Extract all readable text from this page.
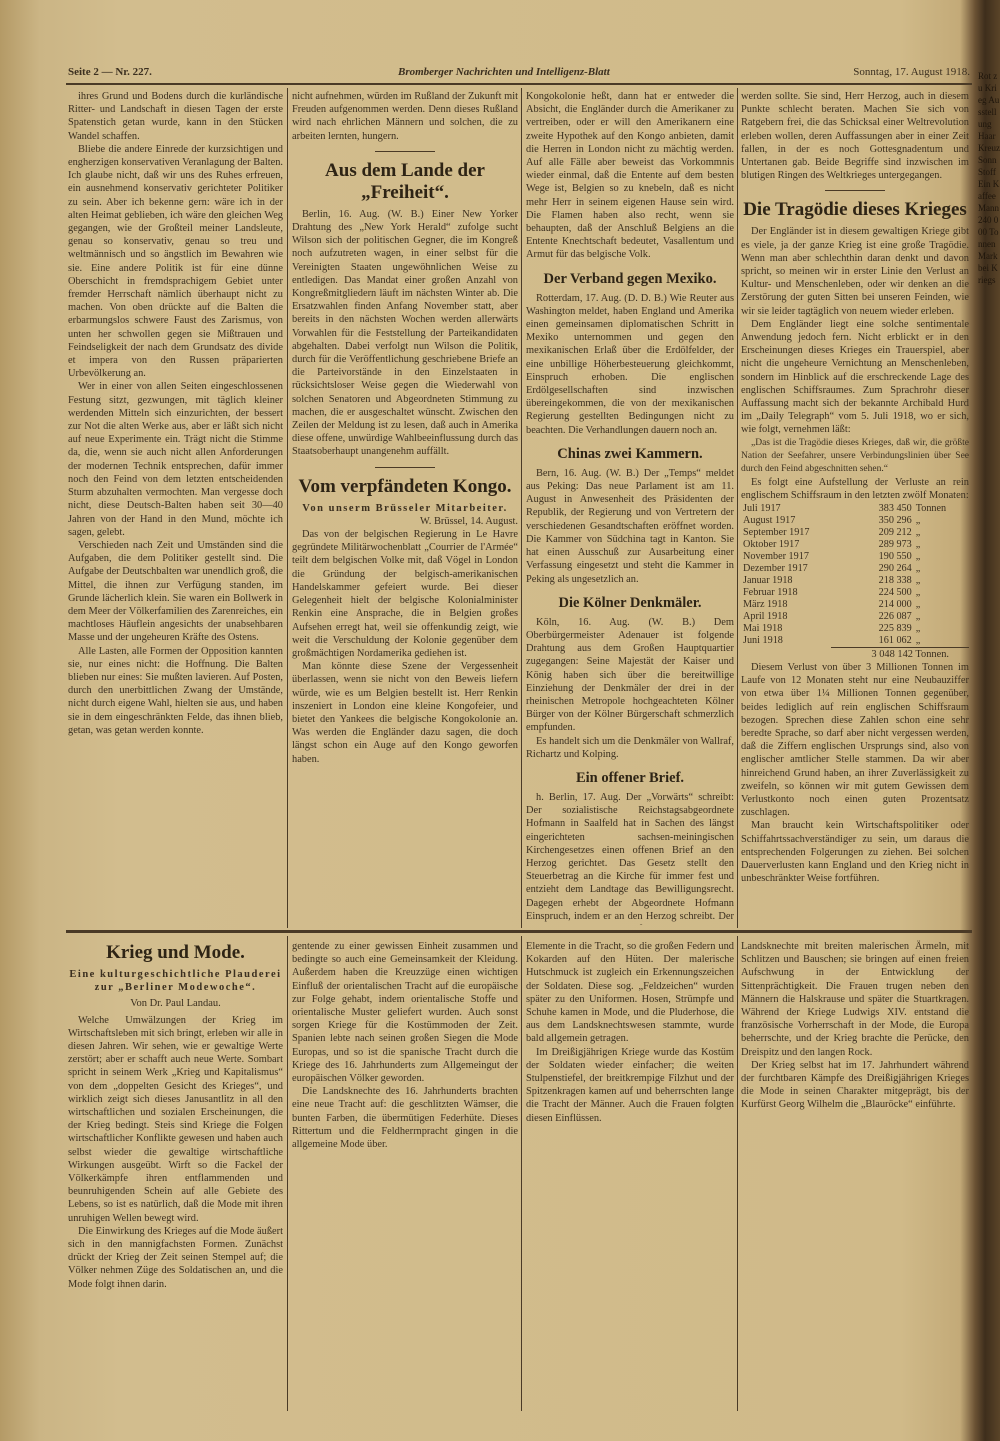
Seite 2 — Nr. 227.	Bromberger Nachrichten und Intelligenz-Blatt	Sonntag, 17. August 1918.

ihres Grund und Bodens durch die kurländische Ritter- und Landschaft in diesen Tagen der erste Spatenstich getan wurde, kann in den Stücken Wandel schaffen.

Bliebe die andere Einrede der kurzsichtigen und engherzigen konservativen Veranlagung der Balten. Ich glaube nicht, daß wir uns des Ruhes erfreuen, ein ausnehmend konservativ gerichteter Politiker zu sein. Aber ich bekenne gern: wäre ich in der alten Heimat geblieben, ich wäre den gleichen Weg gegangen, wie der Großteil meiner Landsleute, genau so konservativ, genau so treu und weltmännisch und so ängstlich im Bewahren wie sie. Eine andere Politik ist für eine dünne Oberschicht in fremdsprachigem Gebiet unter fremder Herrschaft nämlich überhaupt nicht zu machen. Von oben drückte auf die Balten die erbarmungslos schwere Faust des Zarismus, von unten her schwollen gegen sie Mißtrauen und Feindseligkeit der nach dem Grundsatz des divide et impera von den Russen präparierten Urbevölkerung an.

Wer in einer von allen Seiten eingeschlossenen Festung sitzt, gezwungen, mit täglich kleiner werdenden Mitteln sich einzurichten, der bessert zur Not die alten Werke aus, aber er läßt sich nicht auf neue Experimente ein. Trägt nicht die Stimme da, die, wenn sie auch nicht allen Anforderungen der modernen Technik entsprechen, dafür immer noch den Feind von dem letzten entscheidenden Sturm abzuhalten vermochten. Man vergesse doch nicht, diese Deutsch-Balten haben seit 30—40 Jahren von der Hand in den Mund, möchte ich sagen, gelebt.

Verschieden nach Zeit und Umständen sind die Aufgaben, die dem Politiker gestellt sind. Die Aufgabe der Deutschbalten war unendlich groß, die Mittel, die ihnen zur Verfügung standen, im Grunde lächerlich klein. Sie waren ein Bollwerk in dem Meer der Völkerfamilien des Zarenreiches, ein machtloses Häuflein angesichts der unabsehbaren Masse und der ungeheuren Kräfte des Ostens.

Alle Lasten, alle Formen der Opposition kannten sie, nur eines nicht: die Hoffnung. Die Balten blieben nur eines: Sie mußten lavieren. Auf Posten, durch den unerbittlichen Zwang der Umstände, nicht durch eigene Wahl, hielten sie aus, und haben sie in dem eingeschränkten Felde, das ihnen blieb, getan, was getan werden konnte.

nicht aufnehmen, würden im Rußland der Zukunft mit Freuden aufgenommen werden. Denn dieses Rußland wird nach ehrlichen Männern und solchen, die zu arbeiten lernten, hungern.

Aus dem Lande der „Freiheit“.

Berlin, 16. Aug. (W. B.) Einer New Yorker Drahtung des „New York Herald“ zufolge sucht Wilson sich der politischen Gegner, die im Kongreß noch aufzutreten wagen, in einer selbst für die Vereinigten Staaten ungewöhnlichen Weise zu entledigen. Das Mandat einer großen Anzahl von Kongreßmitgliedern läuft im nächsten Winter ab. Die Ersatzwahlen finden Anfang November statt, aber bereits in den nächsten Wochen werden allerwärts Vorwahlen für die Feststellung der Parteikandidaten abgehalten. Dabei verfolgt nun Wilson die Politik, durch für die Veröffentlichung geschriebene Briefe an die Parteivorstände in den Einzelstaaten in rücksichtsloser Weise gegen die Wiederwahl von solchen Senatoren und Abgeordneten Stimmung zu machen, die er ausgeschaltet wünscht. Zwischen den Zeilen der Meldung ist zu lesen, daß auch in Amerika diese offene, unwürdige Wahlbeeinflussung durch das Staatsoberhaupt unangenehm auffällt.

Vom verpfändeten Kongo.
Von unserm Brüsseler Mitarbeiter.
W. Brüssel, 14. August.

Das von der belgischen Regierung in Le Havre gegründete Militärwochenblatt „Courrier de l'Armée“ teilt dem belgischen Volke mit, daß Vögel in London die Gründung der belgisch-amerikanischen Handelskammer gefeiert wurde. Bei dieser Gelegenheit hielt der belgische Kolonialminister Renkin eine Ansprache, die in Belgien großes Aufsehen erregt hat, weil sie offenkundig zeigt, wie weit die Verschuldung der Kolonie gegenüber dem großmächtigen Nordamerika gediehen ist.

Man könnte diese Szene der Vergessenheit überlassen, wenn sie nicht von den Beweis liefern würde, wie es um Belgien bestellt ist. Herr Renkin inszeniert in London eine kleine Kongofeier, und bietet den Yankees die belgische Kongokolonie an. Was werden die Engländer dazu sagen, die doch längst schon ein Auge auf den Kongo geworfen haben.

Kongokolonie heßt, dann hat er entweder die Absicht, die Engländer durch die Amerikaner zu vertreiben, oder er will den Amerikanern eine zweite Hypothek auf den Kongo anbieten, damit die Herren in London nicht zu mächtig werden. Auf alle Fälle aber beweist das Vorkommnis wieder einmal, daß die Entente auf dem besten Wege ist, Belgien so zu knebeln, daß es nicht mehr Herr in seinem eigenen Hause sein wird. Die Flamen haben also recht, wenn sie behaupten, daß der Anschluß Belgiens an die Entente Knechtschaft bedeutet, Vasallentum und Armut für das belgische Volk.

Der Verband gegen Mexiko.

Rotterdam, 17. Aug. (D. D. B.) Wie Reuter aus Washington meldet, haben England und Amerika einen gemeinsamen diplomatischen Schritt in Mexiko unternommen und gegen den mexikanischen Erlaß über die Erdölfelder, der eine unbillige Höherbesteuerung gleichkommt, Einspruch erhoben. Die englischen Erdölgesellschaften sind inzwischen übereingekommen, die von der mexikanischen Regierung gestellten Bedingungen nicht zu beachten. Die Verhandlungen dauern noch an.

Chinas zwei Kammern.

Bern, 16. Aug. (W. B.) Der „Temps“ meldet aus Peking: Das neue Parlament ist am 11. August in Anwesenheit des Präsidenten der Republik, der Regierung und von Vertretern der verschiedenen Gesandtschaften eröffnet worden. Die Kammer von Südchina tagt in Kanton. Sie hat einen Ausschuß zur Ausarbeitung einer Verfassung eingesetzt und steht die Kammer in Peking als ungesetzlich an.

Die Kölner Denkmäler.

Köln, 16. Aug. (W. B.) Dem Oberbürgermeister Adenauer ist folgende Drahtung aus dem Großen Hauptquartier zugegangen: Seine Majestät der Kaiser und König haben sich über die bereitwillige Einziehung der Denkmäler der drei in der rheinischen Metropole hochgeachteten Kölner Bürger von der Kölner Bürgerschaft schmerzlich empfunden.

Es handelt sich um die Denkmäler von Wallraf, Richartz und Kolping.

Ein offener Brief.

h. Berlin, 17. Aug. Der „Vorwärts“ schreibt: Der sozialistische Reichstagsabgeordnete Hofmann in Saalfeld hat in Sachen des längst eingerichteten sachsen-meiningischen Kirchengesetzes einen offenen Brief an den Herzog gerichtet. Das Gesetz stellt den Steuerbetrag an die Kirche für immer fest und entzieht dem Landtage das Bewilligungsrecht. Dagegen erhebt der Abgeordnete Hofmann Einspruch, indem er an den Herzog schreibt. Der

werden sollte. Sie sind, Herr Herzog, auch in diesem Punkte schlecht beraten. Machen Sie sich von Ratgebern frei, die das Schicksal einer Weltrevolution erleben wollen, deren Auffassungen aber in einer Zeit fallen, in der es noch Gottesgnadentum und Untertanen gab. Beide Begriffe sind inzwischen im blutigen Ringen des Weltkrieges untergegangen.

Die Tragödie dieses Krieges

Der Engländer ist in diesem gewaltigen Kriege gibt es viele, ja der ganze Krieg ist eine große Tragödie. Wenn man aber schlechthin daran denkt und davon spricht, so meinen wir in erster Linie den Verlust an Kultur- und Menschenleben, oder wir denken an die Zerstörung der guten Sitten bei unseren Feinden, wie wir sie leider tagtäglich von neuem wieder erleben.

Dem Engländer liegt eine solche sentimentale Anwendung jedoch fern. Nicht erblickt er in den Erscheinungen dieses Krieges ein Trauerspiel, aber nicht die ungeheure Vernichtung an Menschenleben, sondern im Hinblick auf die erschreckende Lage des englischen Schiffsraumes. Zum Sprachrohr dieser Auffassung macht sich der bekannte Archibald Hurd im „Daily Telegraph“ vom 5. Juli 1918, wo er sich, wie folgt, vernehmen läßt:

„Das ist die Tragödie dieses Krieges, daß wir, die größte Nation der Seefahrer, unsere Verbindungslinien über See durch den Feind abgeschnitten sehen.“

Es folgt eine Aufstellung der Verluste an rein englischem Schiffsraum in den letzten zwölf Monaten:

Juli 1917	383 450	Tonnen
August 1917	350 296	„
September 1917	209 212	„
Oktober 1917	289 973	„
November 1917	190 550	„
Dezember 1917	290 264	„
Januar 1918	218 338	„
Februar 1918	224 500	„
März 1918	214 000	„
April 1918	226 087	„
Mai 1918	225 839	„
Juni 1918	161 062	„
3 048 142 Tonnen.

Diesem Verlust von über 3 Millionen Tonnen im Laufe von 12 Monaten steht nur eine Neubauziffer von etwa über 1¼ Millionen Tonnen gegenüber, beides lediglich auf rein englischen Schiffsraum bezogen. Sprechen diese Zahlen schon eine sehr beredte Sprache, so darf aber nicht vergessen werden, daß die Ziffern englischen Ursprungs sind, also von englischer amtlicher Stelle stammen. Da wir aber hinreichend Grund haben, an ihrer Zuverlässigkeit zu zweifeln, so können wir mit gutem Gewissen dem Verlustkonto noch einen guten Prozentsatz zuschlagen.

Man braucht kein Wirtschaftspolitiker oder Schiffahrtssachverständiger zu sein, um daraus die entsprechenden Folgerungen zu ziehen. Bei solchen Dauerverlusten kann England und den Krieg nicht in unbeschränkter Weise fortführen.

Krieg und Mode.
Eine kulturgeschichtliche Plauderei zur „Berliner Modewoche“.
Von Dr. Paul Landau.

Welche Umwälzungen der Krieg im Wirtschaftsleben mit sich bringt, erleben wir alle in diesen Jahren. Wir sehen, wie er gewaltige Werte zerstört; aber er schafft auch neue Werte. Sombart spricht in seinem Werk „Krieg und Kapitalismus“ von dem „doppelten Gesicht des Krieges“, und wirklich zeigt sich dieses Janusantlitz in all den wirtschaftlichen und sozialen Erscheinungen, die der Krieg bedingt. Steis sind Kriege die Folgen wirtschaftlicher Konflikte gewesen und haben auch selbst wieder die gewaltige wirtschaftliche Wirkungen ausgeübt. Wirft so die Fackel der Völkerkämpfe ihren entflammenden und beunruhigenden Schein auf alle Gebiete des Lebens, so ist es natürlich, daß die Mode mit ihren unruhigen Wellen bewegt wird.

Die Einwirkung des Krieges auf die Mode äußert sich in den mannigfachsten Formen. Zunächst drückt der Krieg der Zeit seinen Stempel auf; die Völker nehmen Züge des Soldatischen an, und die Mode folgt ihnen darin.

gentende zu einer gewissen Einheit zusammen und bedingte so auch eine Gemeinsamkeit der Kleidung. Außerdem haben die Kreuzzüge einen wichtigen Einfluß der orientalischen Tracht auf die europäische zur Folge gehabt, indem orientalische Stoffe und orientalische Muster geliefert wurden. Auch sonst sorgen Kriege für die Kostümmoden der Zeit. Spanien lebte nach seinen großen Siegen die Mode Europas, und so ist die spanische Tracht durch die Kriege des 16. Jahrhunderts zum Allgemeingut der europäischen Völker geworden.

Die Landsknechte des 16. Jahrhunderts brachten eine neue Tracht auf: die geschlitzten Wämser, die bunten Farben, die übermütigen Federhüte. Dieses Rittertum und die Feldherrnpracht gingen in die allgemeine Mode über.

Elemente in die Tracht, so die großen Federn und Kokarden auf den Hüten. Der malerische Hutschmuck ist zugleich ein Erkennungszeichen der Soldaten. Diese sog. „Feldzeichen“ wurden später zu den Uniformen. Hosen, Strümpfe und Schuhe kamen in Mode, und die Pluderhose, die aus dem Landsknechtswesen stammte, wurde bald allgemein getragen.

Im Dreißigjährigen Kriege wurde das Kostüm der Soldaten wieder einfacher; die weiten Stulpenstiefel, der breitkrempige Filzhut und der Spitzenkragen kamen auf und beherrschten lange die Tracht der Männer. Auch die Frauen folgten diesen Einflüssen.

Landsknechte mit breiten malerischen Ärmeln, mit Schlitzen und Bauschen; sie bringen auf einen freien Aufschwung in der Entwicklung der Sittenprächtigkeit. Die Frauen trugen neben den Männern die Halskrause und später die Stuartkragen. Während der Kriege Ludwigs XIV. entstand die französische Vorherrschaft in der Mode, die Europa beherrschte, und der Krieg brachte die Perücke, den Dreispitz und den langen Rock.

Der Krieg selbst hat im 17. Jahrhundert während der furchtbaren Kämpfe des Dreißigjährigen Krieges die Mode in seinen Charakter mitgeprägt, bis der Kurfürst Georg Wilhelm die „Blauröcke“ einführte.

Rot zu Krieg Ausstellung Haar Kreuz Sonn Stoff Ein Kaffee Mann 240 000 Tonnen Mark bei Kriegs
